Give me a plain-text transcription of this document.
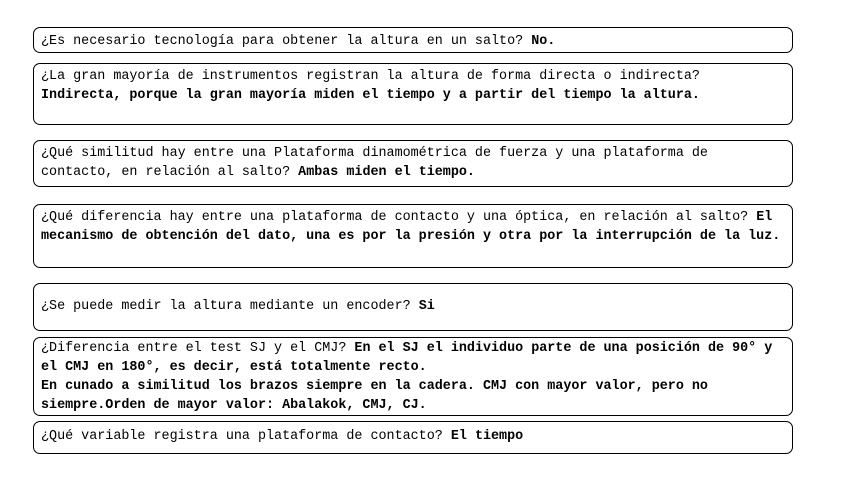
¿Es necesario tecnología para obtener la altura en un salto? No.
¿La gran mayoría de instrumentos registran la altura de forma directa o indirecta? Indirecta, porque la gran mayoría miden el tiempo y a partir del tiempo la altura.
¿Qué similitud hay entre una Plataforma dinamométrica de fuerza y una plataforma de contacto, en relación al salto? Ambas miden el tiempo.
¿Qué diferencia hay entre una plataforma de contacto y una óptica, en relación al salto? El mecanismo de obtención del dato, una es por la presión y otra por la interrupción de la luz.
¿Se puede medir la altura mediante un encoder? Si
¿Diferencia entre el test SJ y el CMJ? En el SJ el individuo parte de una posición de 90° y el CMJ en 180°, es decir, está totalmente recto.
En cunado a similitud los brazos siempre en la cadera. CMJ con mayor valor, pero no siempre.Orden de mayor valor: Abalakok, CMJ, CJ.
¿Qué variable registra una plataforma de contacto? El tiempo
